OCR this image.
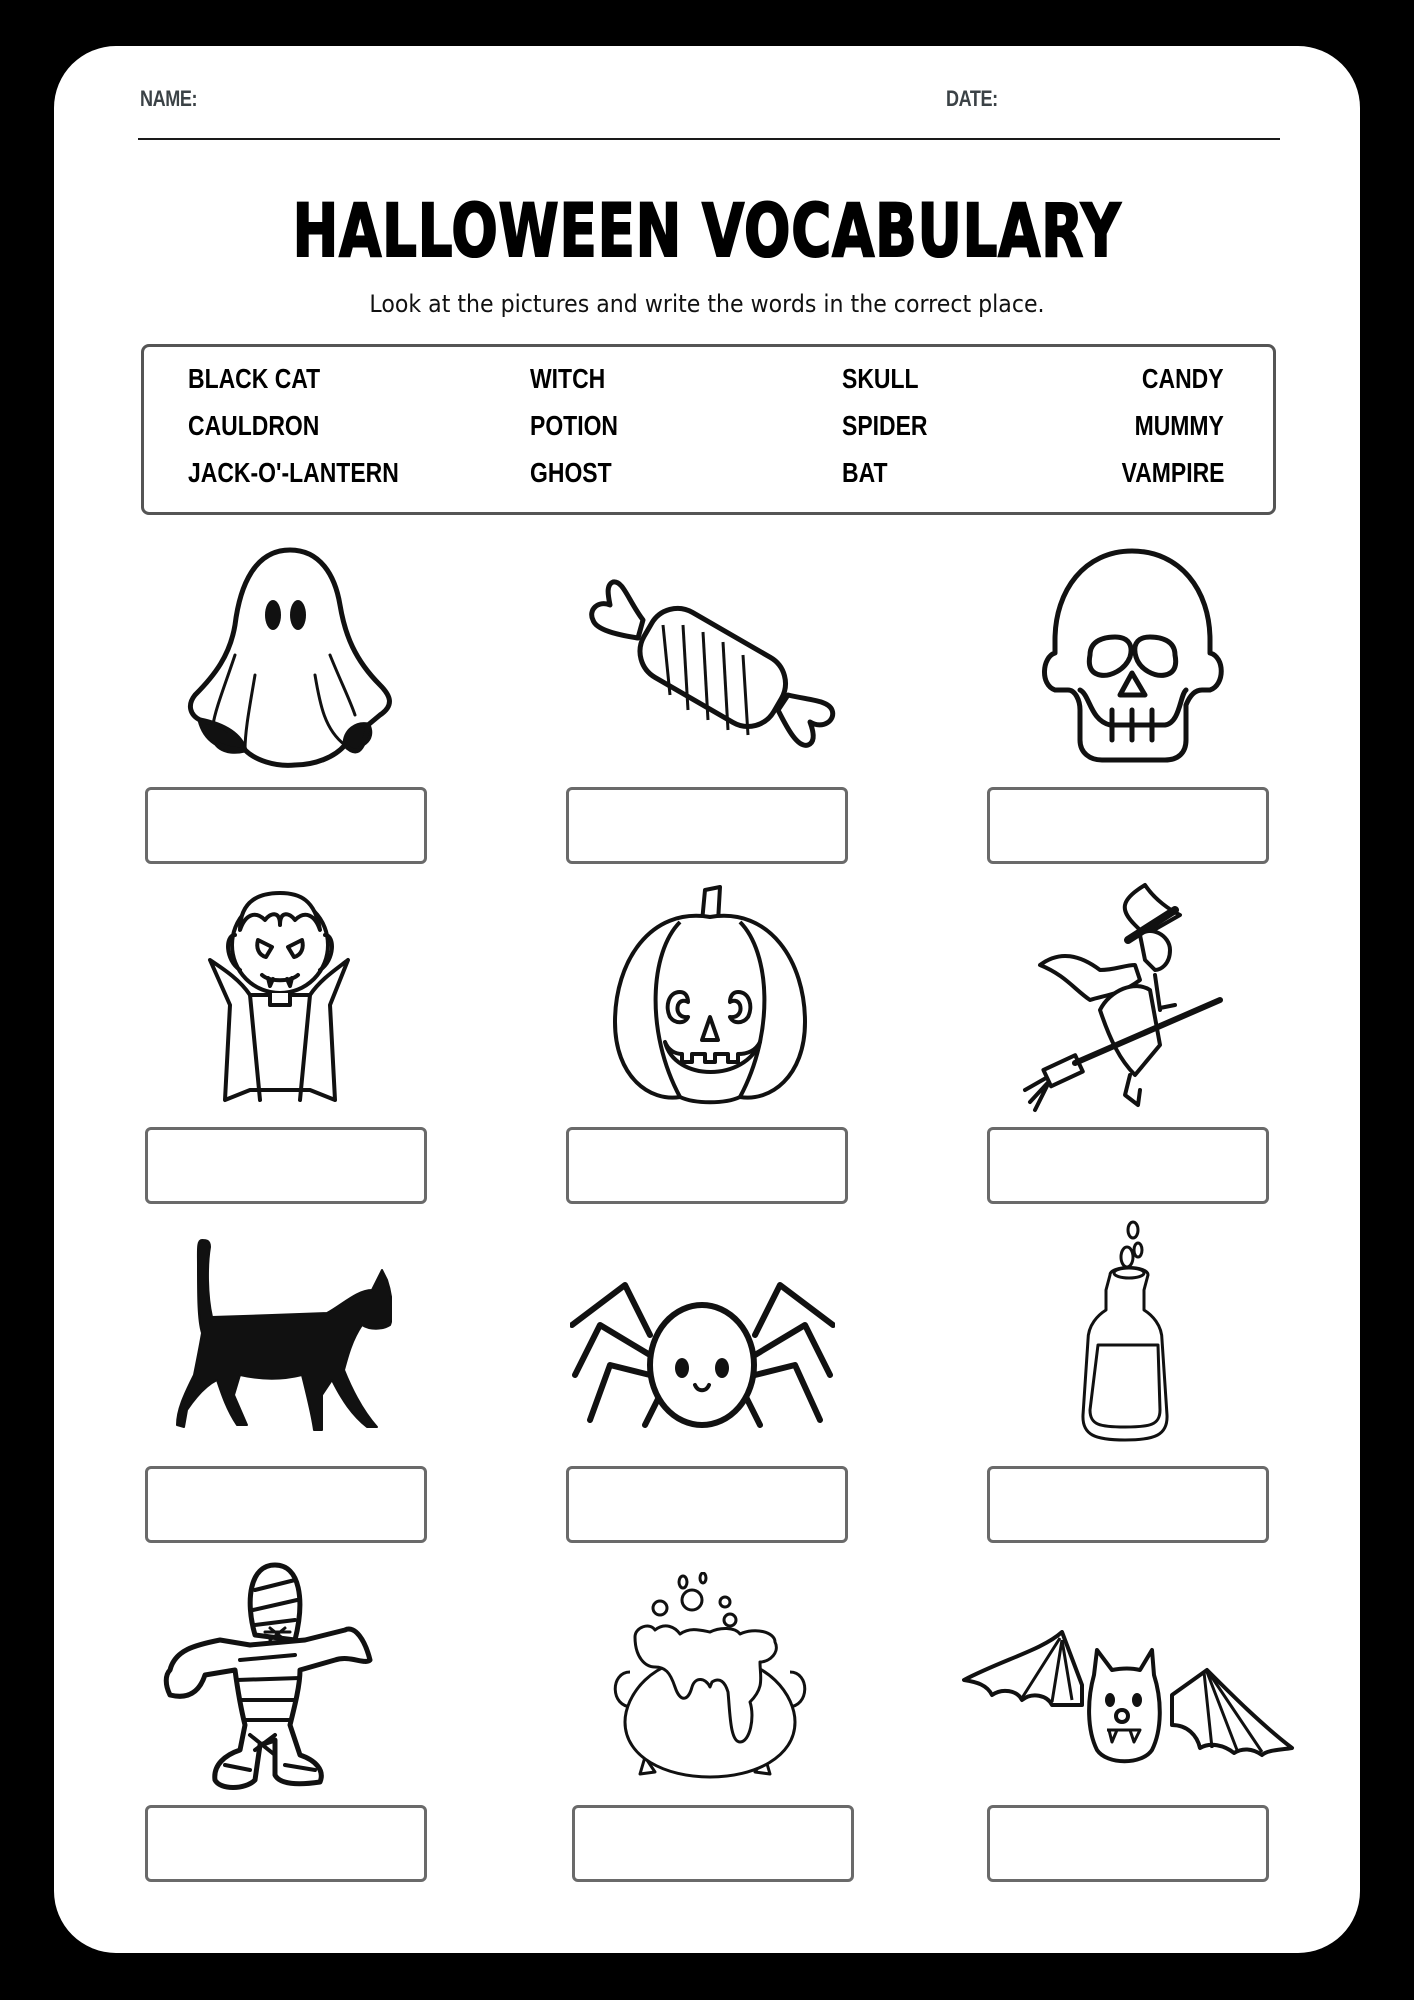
NAME:	DATE:
HALLOWEEN VOCABULARY
Look at the pictures and write the words in the correct place.
BLACK CAT
CAULDRON
JACK-O'-LANTERN
WITCH
POTION
GHOST
SKULL
SPIDER
BAT
CANDY
MUMMY
VAMPIRE
